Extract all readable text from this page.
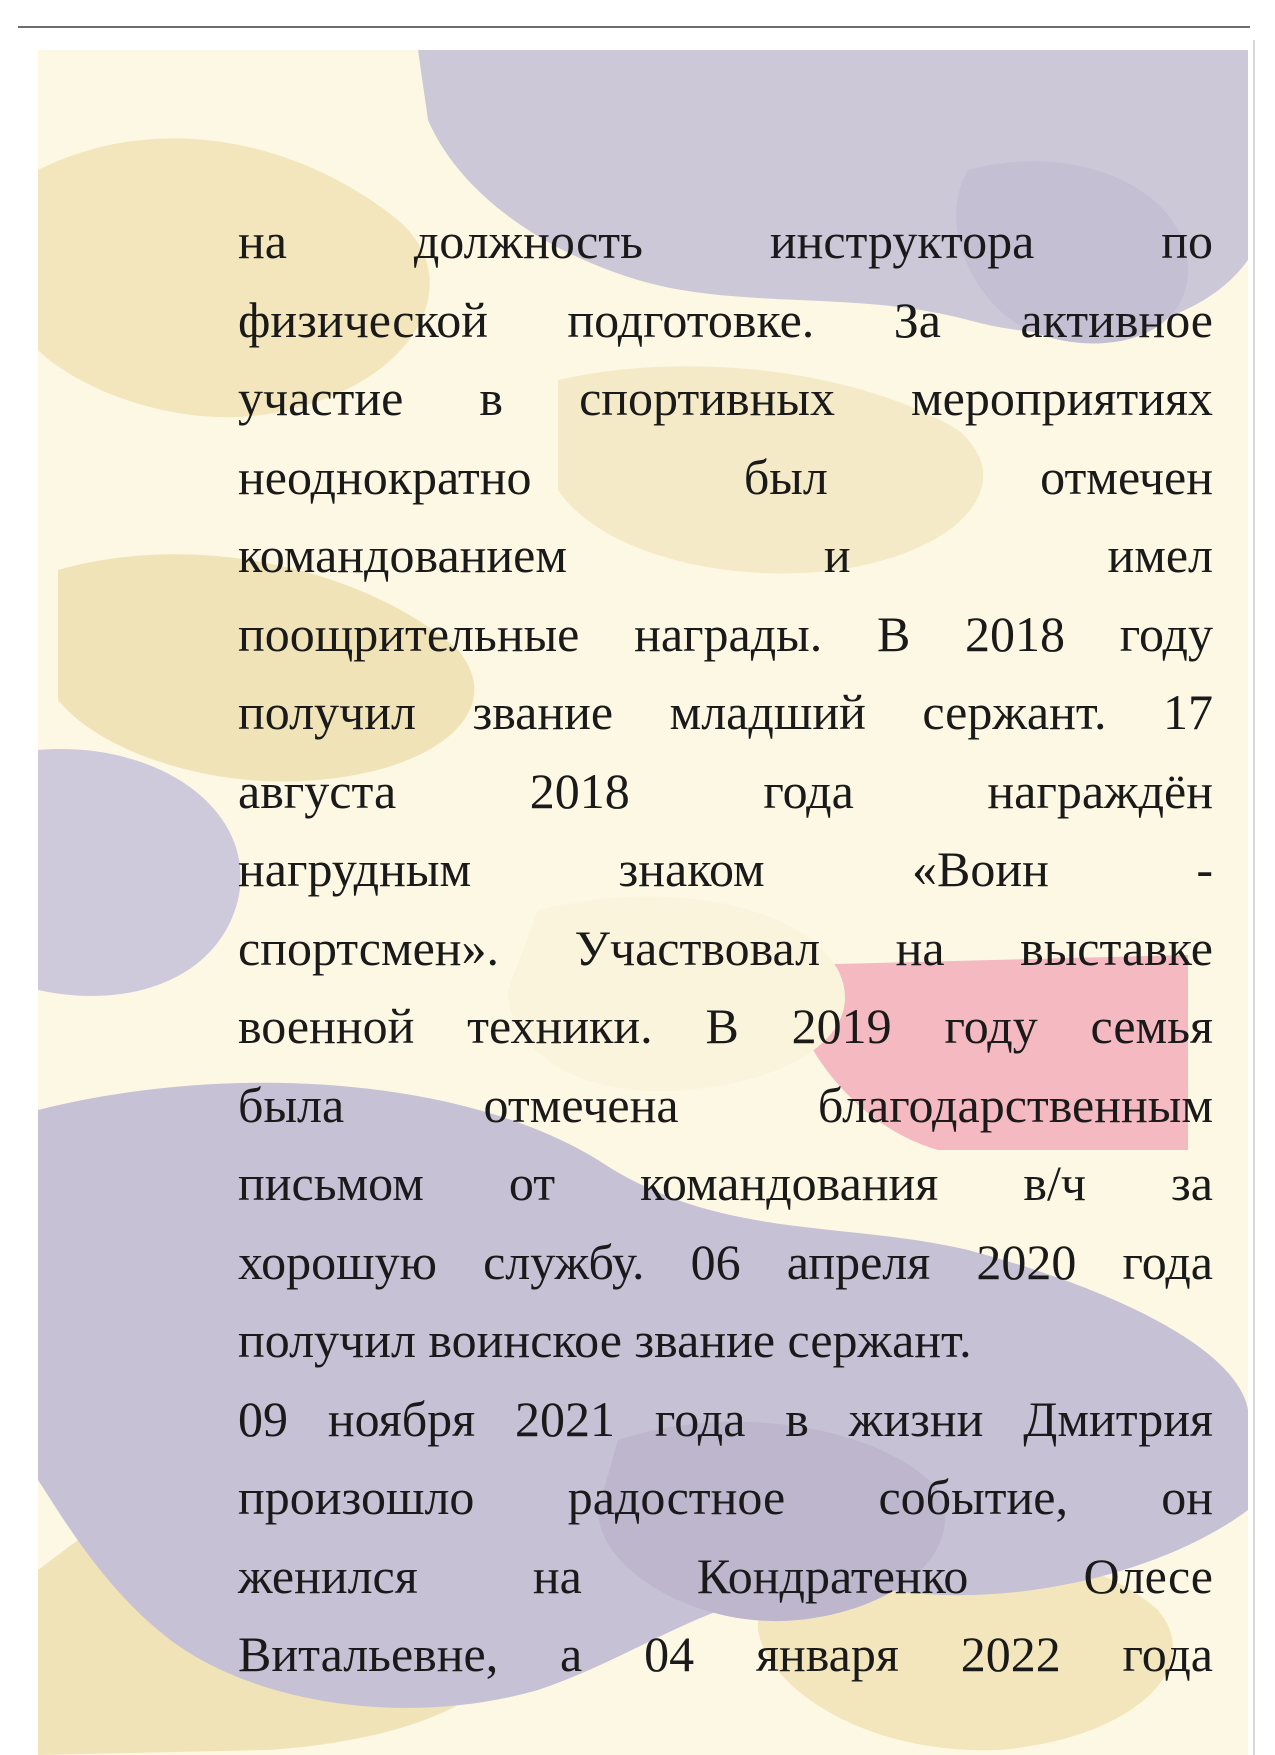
на должность инструктора по
физической подготовке. За активное
участие в спортивных мероприятиях
неоднократно был отмечен
командованием и имел
поощрительные награды. В 2018 году
получил звание младший сержант. 17
августа 2018 года награждён
нагрудным знаком «Воин -
спортсмен». Участвовал на выставке
военной техники. В 2019 году семья
была отмечена благодарственным
письмом от командования в/ч за
хорошую службу. 06 апреля 2020 года
получил воинское звание сержант.
09 ноября 2021 года в жизни Дмитрия
произошло радостное событие, он
женился на Кондратенко Олесе
Витальевне, а 04 января 2022 года
